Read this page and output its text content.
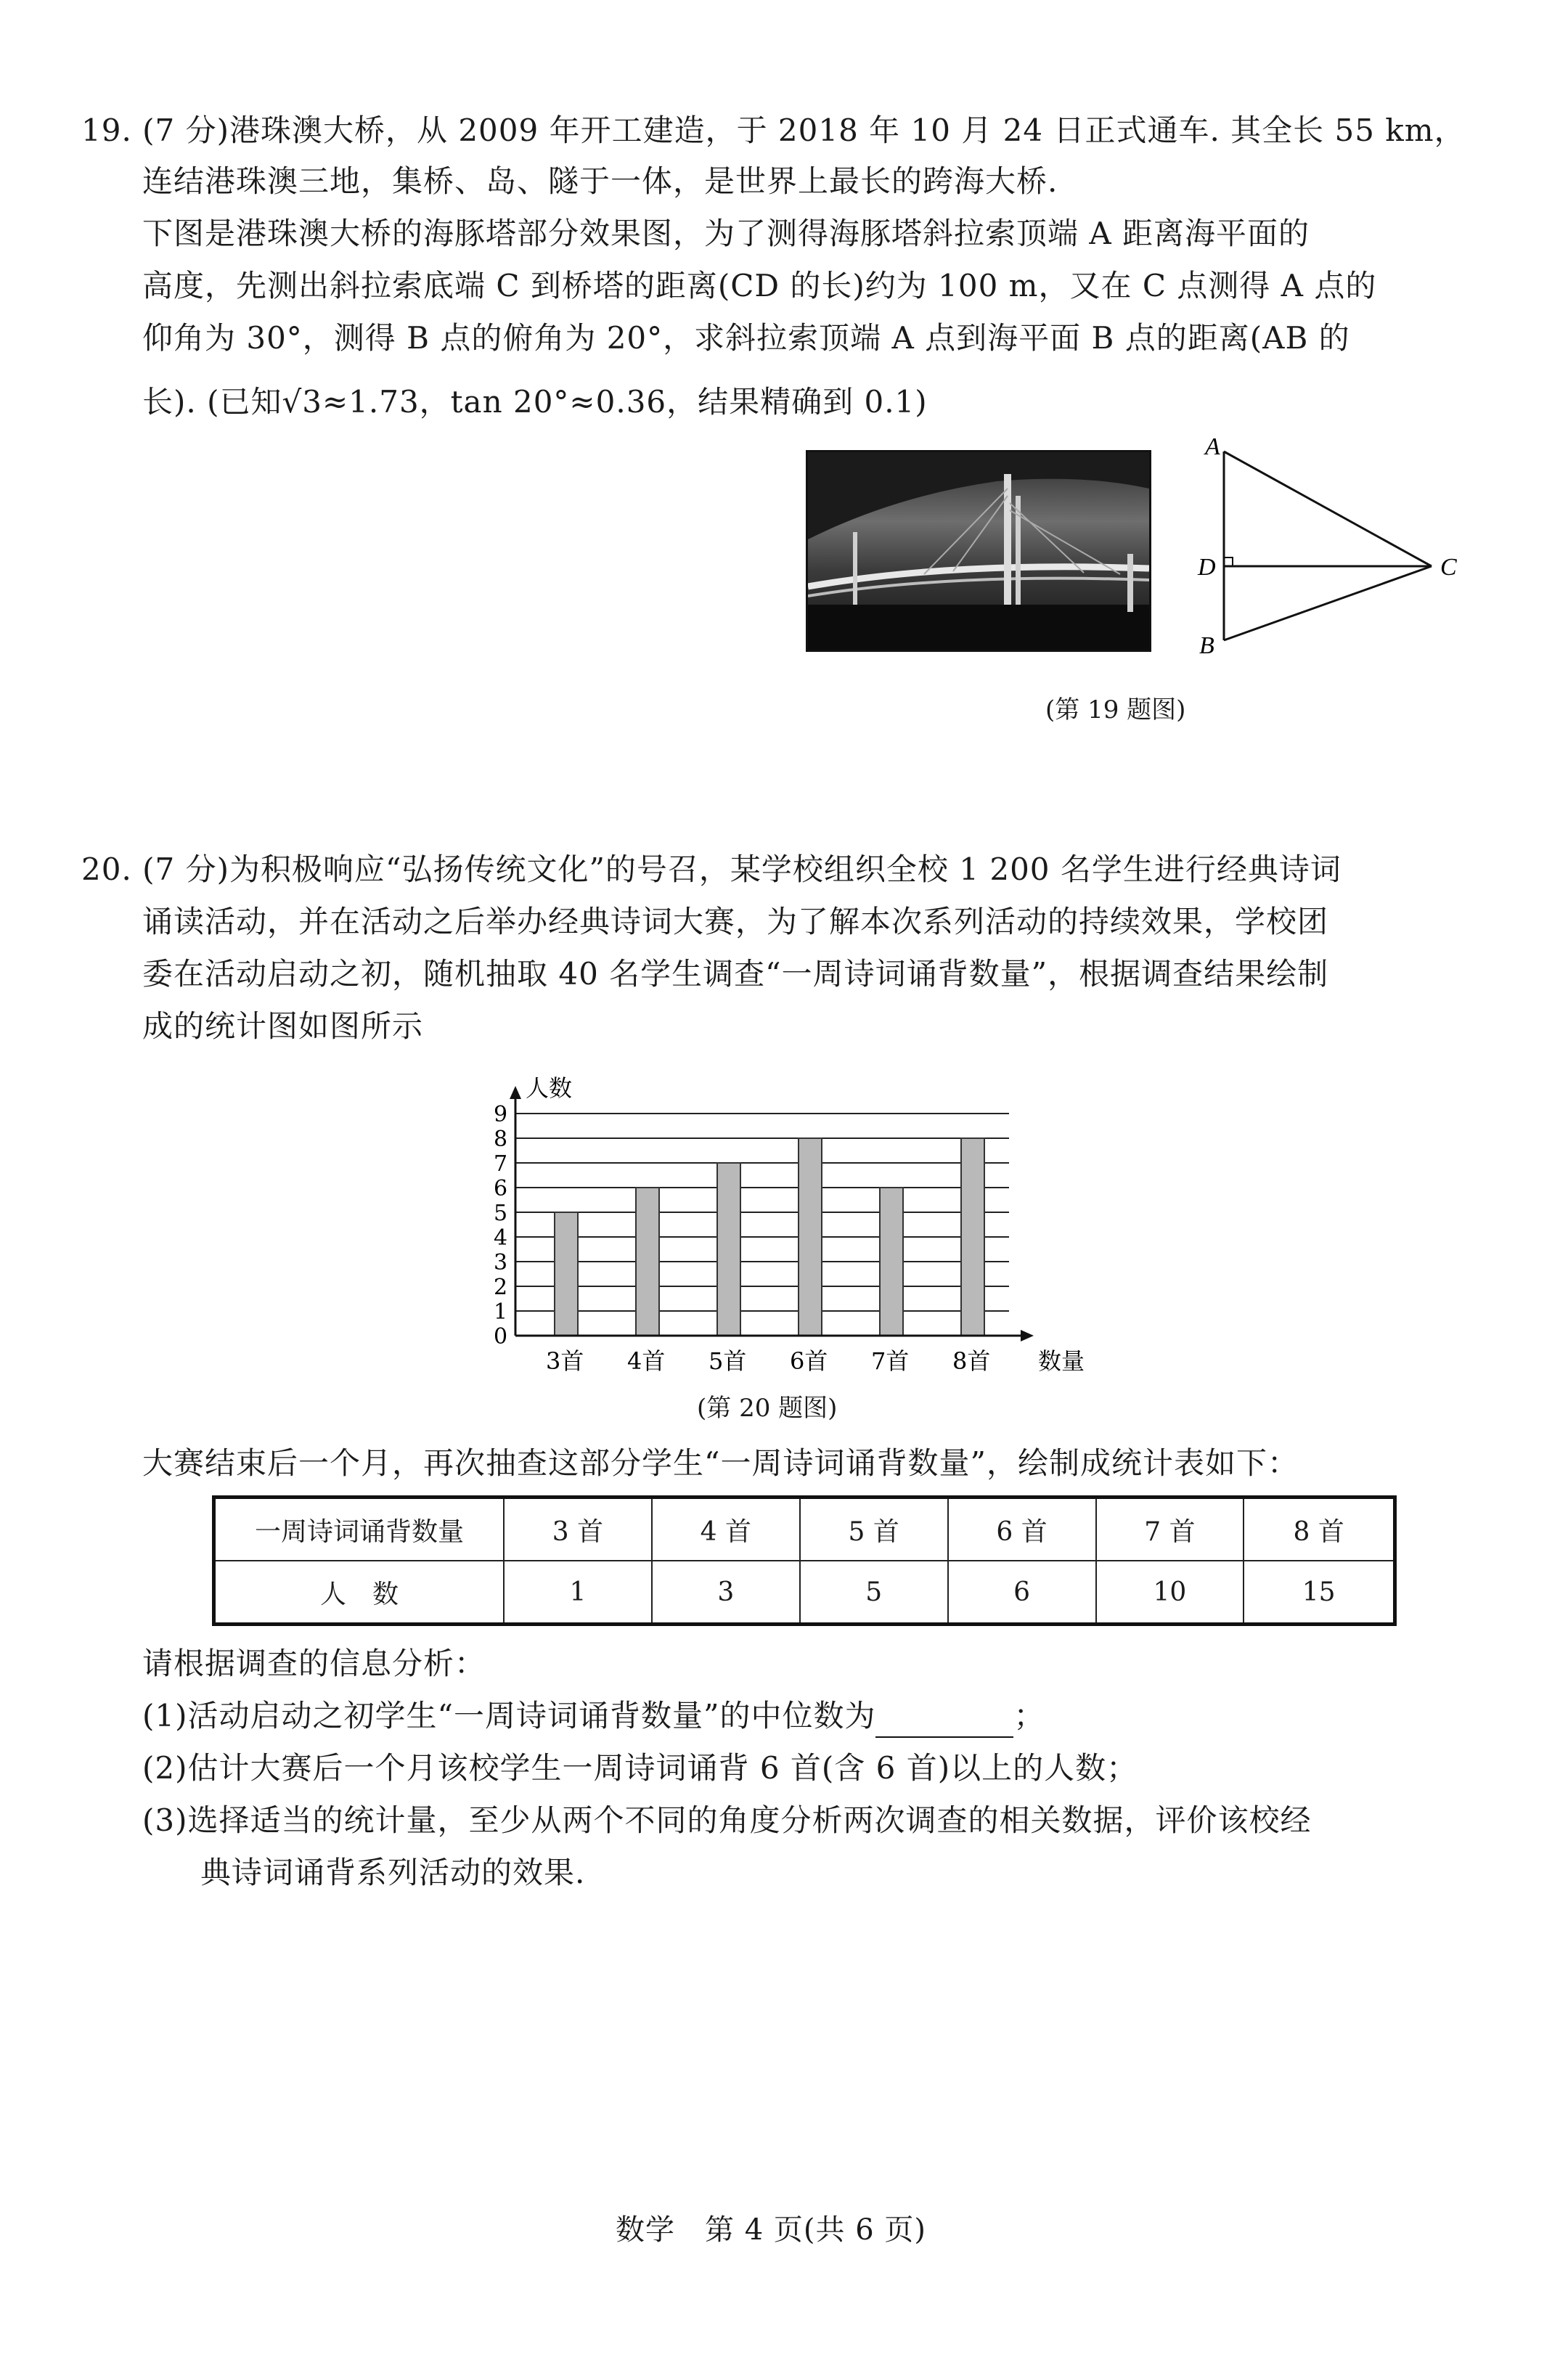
19. (7 分)港珠澳大桥，从 2009 年开工建造，于 2018 年 10 月 24 日正式通车. 其全长 55 km，
连结港珠澳三地，集桥、岛、隧于一体，是世界上最长的跨海大桥.
下图是港珠澳大桥的海豚塔部分效果图，为了测得海豚塔斜拉索顶端 A 距离海平面的
高度，先测出斜拉索底端 C 到桥塔的距离(CD 的长)约为 100 m，又在 C 点测得 A 点的
仰角为 30°，测得 B 点的俯角为 20°，求斜拉索顶端 A 点到海平面 B 点的距离(AB 的
长). (已知√3≈1.73，tan 20°≈0.36，结果精确到 0.1)
A
D
B
C
(第 19 题图)
20. (7 分)为积极响应“弘扬传统文化”的号召，某学校组织全校 1 200 名学生进行经典诗词
诵读活动，并在活动之后举办经典诗词大赛，为了解本次系列活动的持续效果，学校团
委在活动启动之初，随机抽取 40 名学生调查“一周诗词诵背数量”，根据调查结果绘制
成的统计图如图所示
0
1
2
3
4
5
6
7
8
9
3首 4首 5首 6首 7首 8首
人数
数量
(第 20 题图)
大赛结束后一个月，再次抽查这部分学生“一周诗词诵背数量”，绘制成统计表如下：
一周诗词诵背数量	3 首	4 首	5 首	6 首	7 首	8 首
人　数	1	3	5	6	10	15
请根据调查的信息分析：
(1)活动启动之初学生“一周诗词诵背数量”的中位数为	；
(2)估计大赛后一个月该校学生一周诗词诵背 6 首(含 6 首)以上的人数；
(3)选择适当的统计量，至少从两个不同的角度分析两次调查的相关数据，评价该校经
典诗词诵背系列活动的效果.
数学　第 4 页(共 6 页)
